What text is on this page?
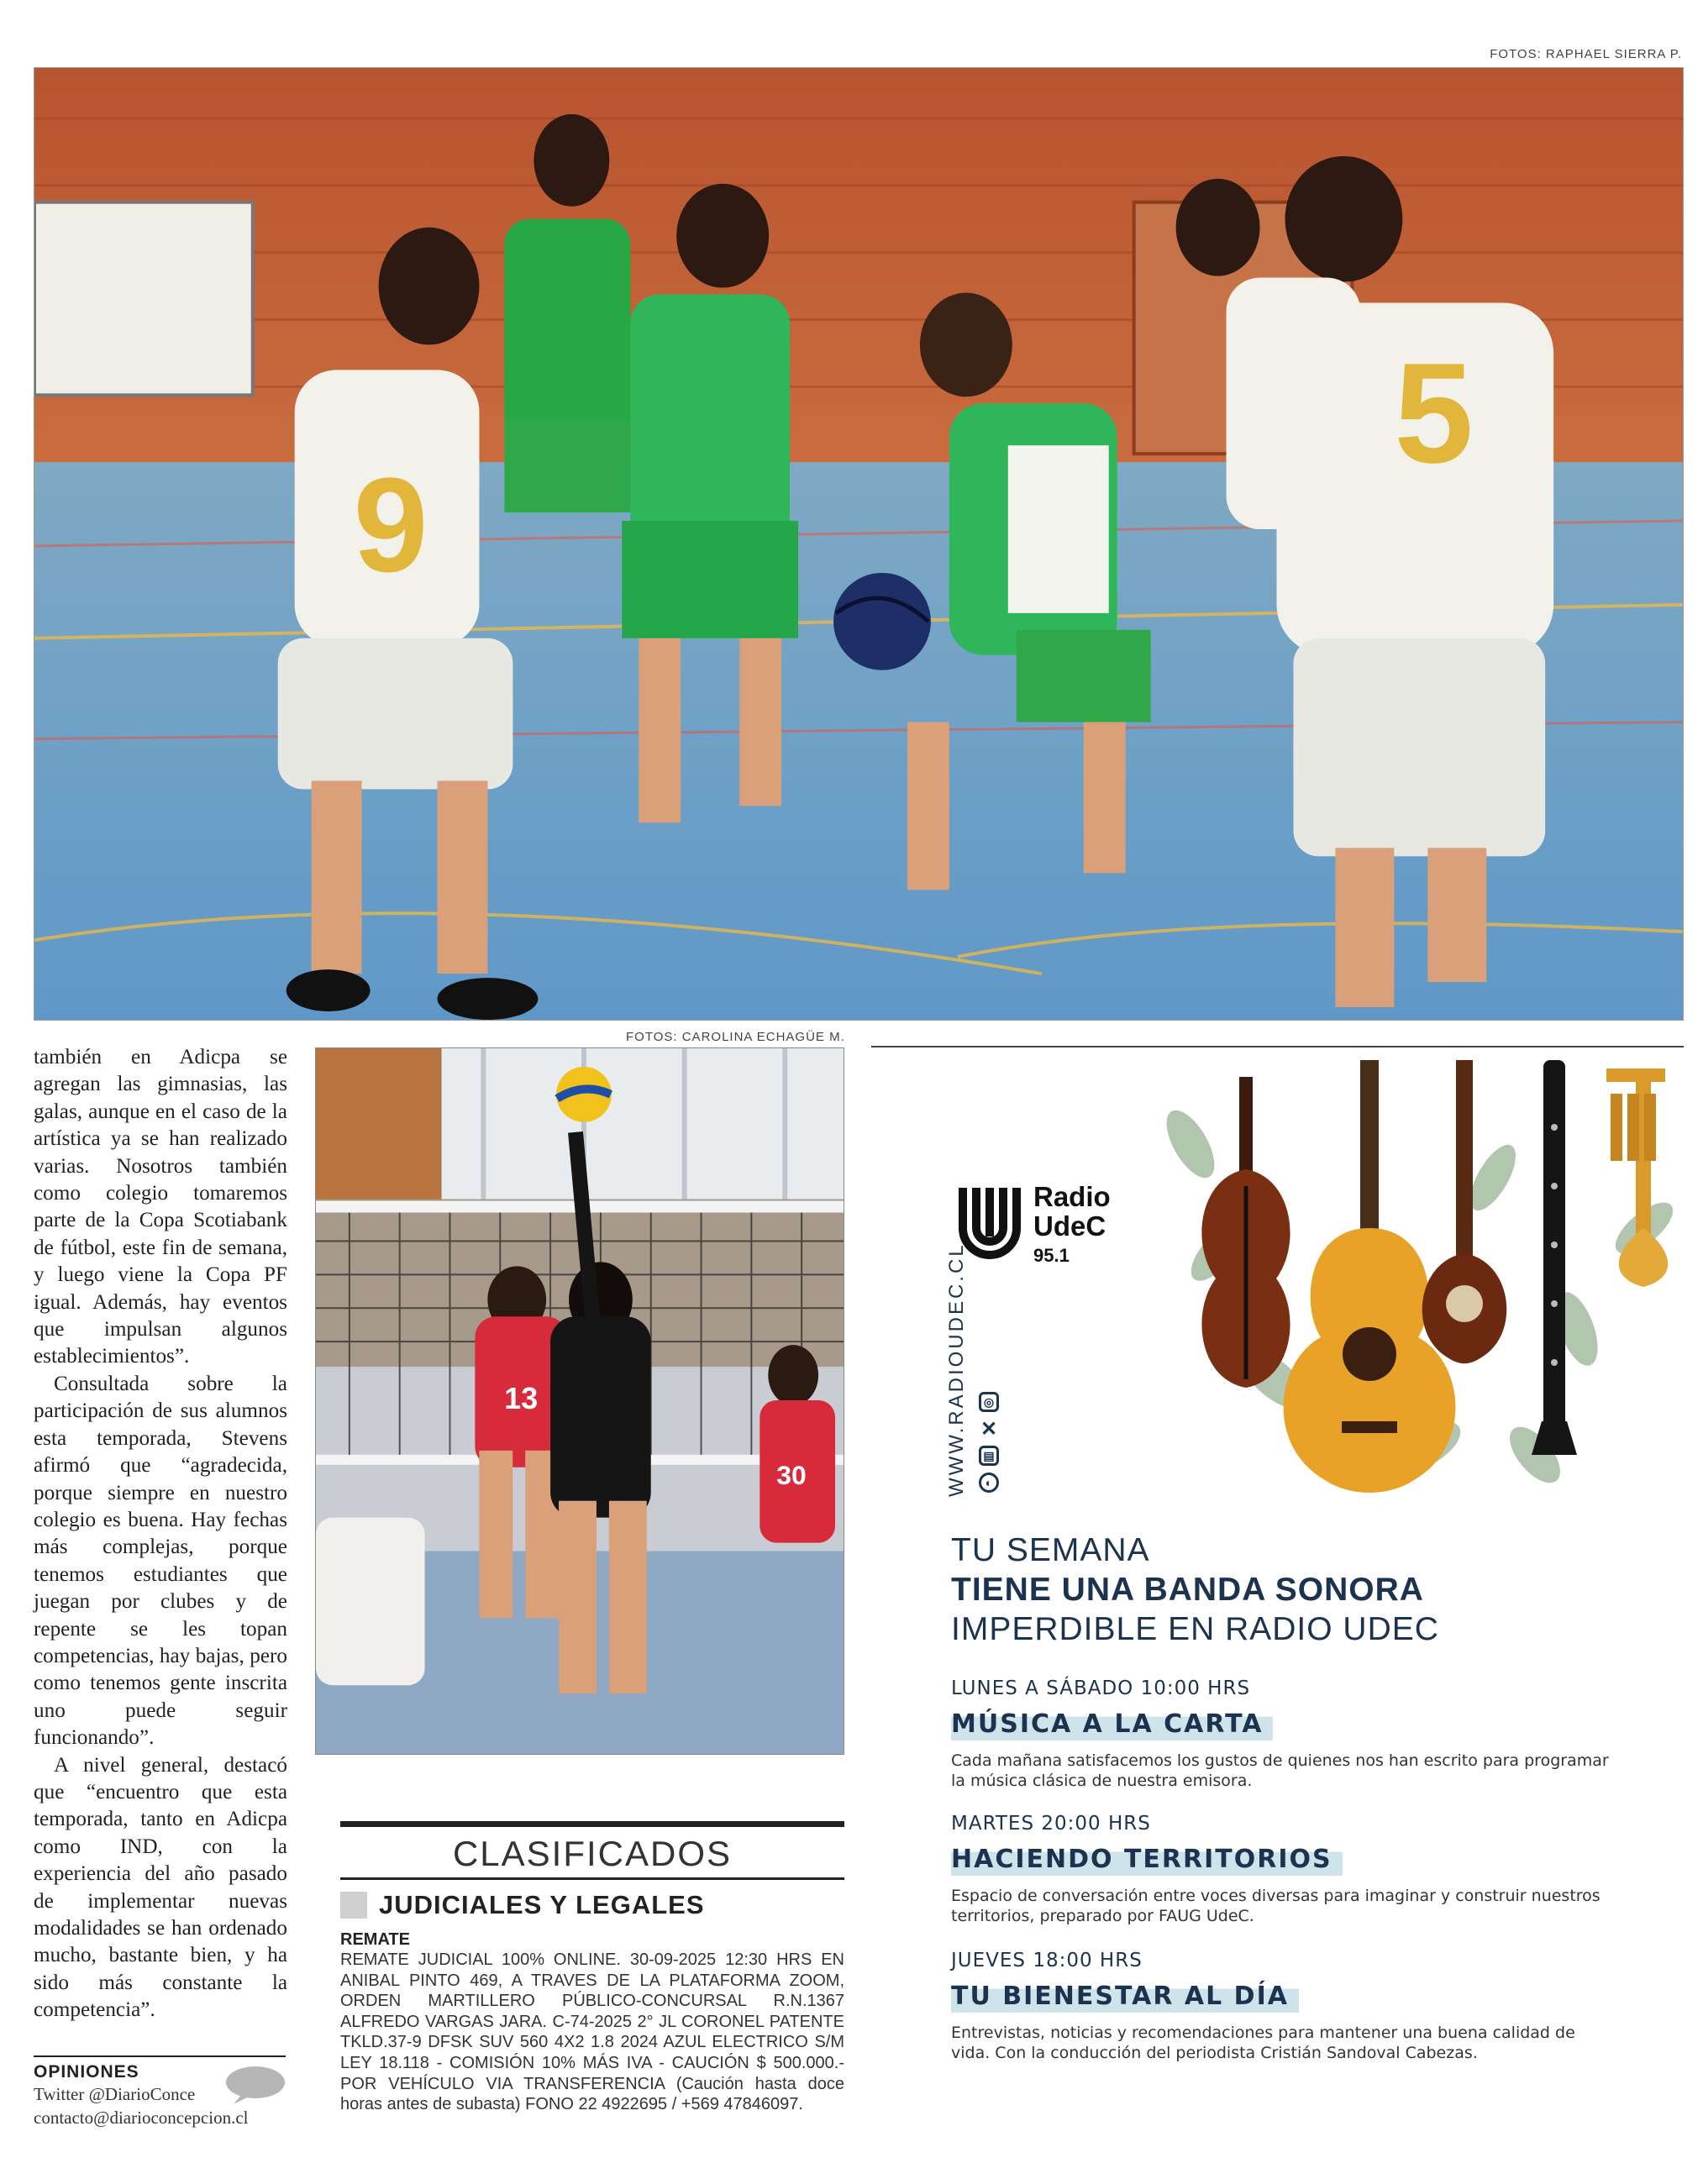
FOTOS: RAPHAEL SIERRA P.
9
5

también en Adicpa se agregan las gimnasias, las galas, aunque en el caso de la artística ya se han realizado varias. Nosotros también como colegio tomaremos parte de la Copa Scotiabank de fútbol, este fin de semana, y luego viene la Copa PF igual. Además, hay eventos que impulsan algunos establecimientos”.

Consultada sobre la participación de sus alumnos esta temporada, Stevens afirmó que “agradecida, porque siempre en nuestro colegio es buena. Hay fechas más complejas, porque tenemos estudiantes que juegan por clubes y de repente se les topan competencias, hay bajas, pero como tenemos gente inscrita uno puede seguir funcionando”.

A nivel general, destacó que “encuentro que esta temporada, tanto en Adicpa como IND, con la experiencia del año pasado de implementar nuevas modalidades se han ordenado mucho, bastante bien, y ha sido más constante la competencia”.

OPINIONES
Twitter @DiarioConce
contacto@diarioconcepcion.cl
FOTOS: CAROLINA ECHAGÜE M.
13
30
CLASIFICADOS
JUDICIALES Y LEGALES
REMATE
REMATE JUDICIAL 100% ONLINE. 30-09-2025 12:30 HRS EN ANIBAL PINTO 469, A TRAVES DE LA PLATAFORMA ZOOM, ORDEN MARTILLERO PÚBLICO-CONCURSAL R.N.1367 ALFREDO VARGAS JARA. C-74-2025 2° JL CORONEL PATENTE TKLD.37-9 DFSK SUV 560 4X2 1.8 2024 AZUL ELECTRICO S/M LEY 18.118 - COMISIÓN 10% MÁS IVA - CAUCIÓN $ 500.000.- POR VEHÍCULO VIA TRANSFERENCIA (Caución hasta doce horas antes de subasta) FONO 22 4922695 / +569 47846097.
Radio
UdeC
95.1
WWW.RADIOUDEC.CL	◎
✕
▤
◐
TU SEMANA
TIENE UNA BANDA SONORA
IMPERDIBLE EN RADIO UDEC
LUNES A SÁBADO 10:00 HRS
MÚSICA A LA CARTA
Cada mañana satisfacemos los gustos de quienes nos han escrito para programar la música clásica de nuestra emisora.
MARTES 20:00 HRS
HACIENDO TERRITORIOS
Espacio de conversación entre voces diversas para imaginar y construir nuestros territorios, preparado por FAUG UdeC.
JUEVES 18:00 HRS
TU BIENESTAR AL DÍA
Entrevistas, noticias y recomendaciones para mantener una buena calidad de vida. Con la conducción del periodista Cristián Sandoval Cabezas.
